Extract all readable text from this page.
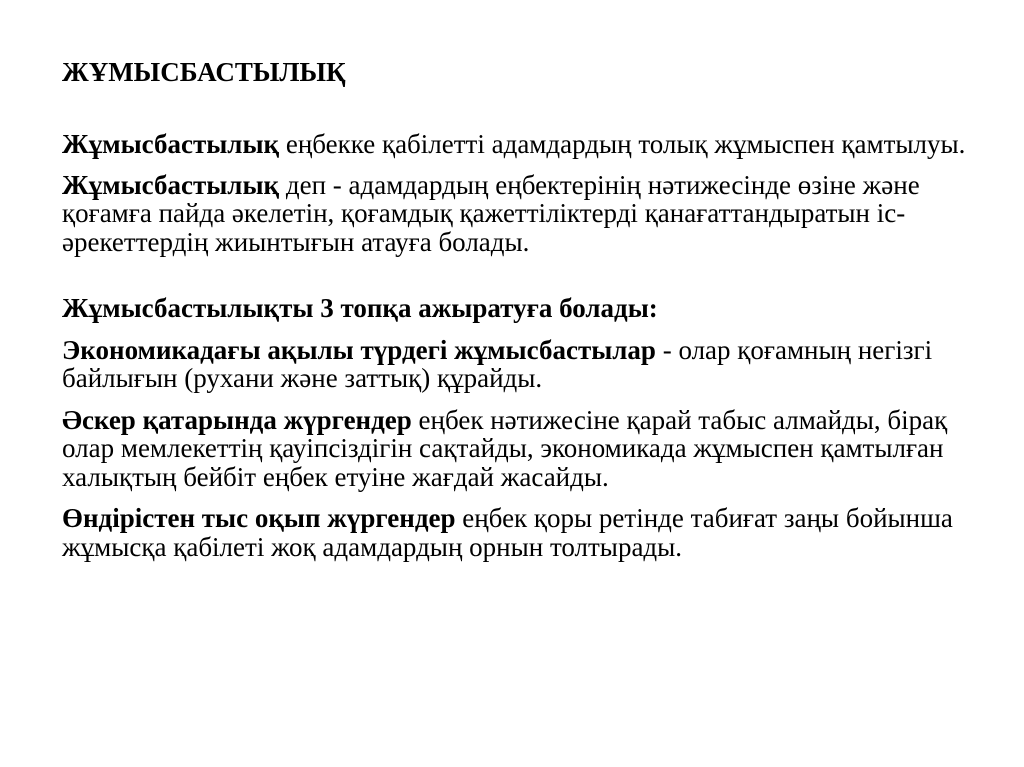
ЖҰМЫСБАСТЫЛЫҚ

Жұмысбастылық еңбекке қабілетті адамдардың толық жұмыспен қамтылуы.

Жұмысбастылық деп - адамдардың еңбектерінің нәтижесінде өзіне және қоғамға пайда әкелетін, қоғамдық қажеттіліктерді қанағаттандыратын іс-әрекеттердің жиынтығын атауға болады.

Жұмысбастылықты 3 топқа ажыратуға болады:

Экономикадағы ақылы түрдегі жұмысбастылар - олар қоғамның негізгі байлығын (рухани және заттық) құрайды.

Әскер қатарында жүргендер еңбек нәтижесіне қарай табыс алмайды, бірақ олар мемлекеттің қауіпсіздігін сақтайды, экономикада жұмыспен қамтылған халықтың бейбіт еңбек етуіне жағдай жасайды.

Өндірістен тыс оқып жүргендер еңбек қоры ретінде табиғат заңы бойынша жұмысқа қабілеті жоқ адамдардың орнын толтырады.
